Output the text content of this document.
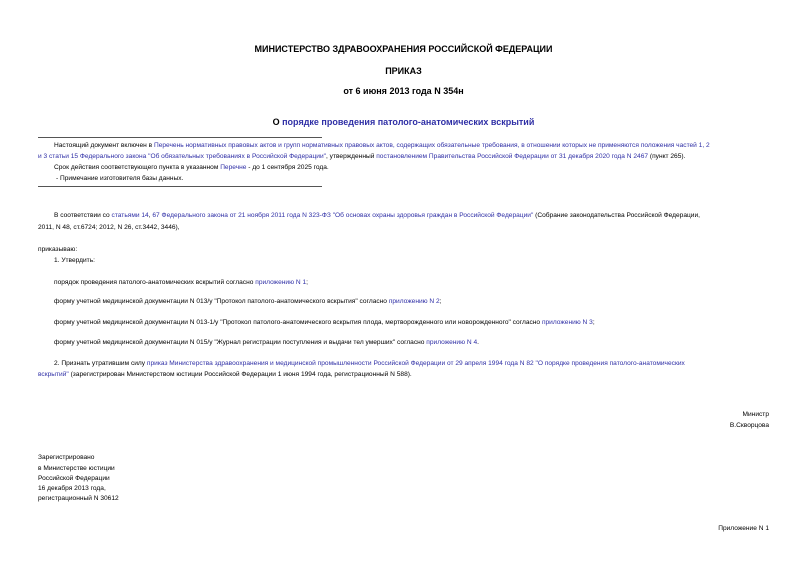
МИНИСТЕРСТВО ЗДРАВООХРАНЕНИЯ РОССИЙСКОЙ ФЕДЕРАЦИИ
ПРИКАЗ
от 6 июня 2013 года N 354н
О порядке проведения патолого-анатомических вскрытий
Настоящий документ включен в Перечень нормативных правовых актов и групп нормативных правовых актов, содержащих обязательные требования, в отношении которых не применяются положения частей 1, 2
и 3 статьи 15 Федерального закона "Об обязательных требованиях в Российской Федерации", утвержденный постановлением Правительства Российской Федерации от 31 декабря 2020 года N 2467 (пункт 265).
Срок действия соответствующего пункта в указанном Перечне - до 1 сентября 2025 года.
- Примечание изготовителя базы данных.
В соответствии со статьями 14, 67 Федерального закона от 21 ноября 2011 года N 323-ФЗ "Об основах охраны здоровья граждан в Российской Федерации" (Собрание законодательства Российской Федерации,
2011, N 48, ст.6724; 2012, N 26, ст.3442, 3446),
приказываю:
1. Утвердить:
порядок проведения патолого-анатомических вскрытий согласно приложению N 1;
форму учетной медицинской документации N 013/у "Протокол патолого-анатомического вскрытия" согласно приложению N 2;
форму учетной медицинской документации N 013-1/у "Протокол патолого-анатомического вскрытия плода, мертворожденного или новорожденного" согласно приложению N 3;
форму учетной медицинской документации N 015/у "Журнал регистрации поступления и выдачи тел умерших" согласно приложению N 4.
2. Признать утратившим силу приказ Министерства здравоохранения и медицинской промышленности Российской Федерации от 29 апреля 1994 года N 82 "О порядке проведения патолого-анатомических
вскрытий" (зарегистрирован Министерством юстиции Российской Федерации 1 июня 1994 года, регистрационный N 588).
Министр
В.Скворцова
Зарегистрировано
в Министерстве юстиции
Российской Федерации
16 декабря 2013 года,
регистрационный N 30612
Приложение N 1
